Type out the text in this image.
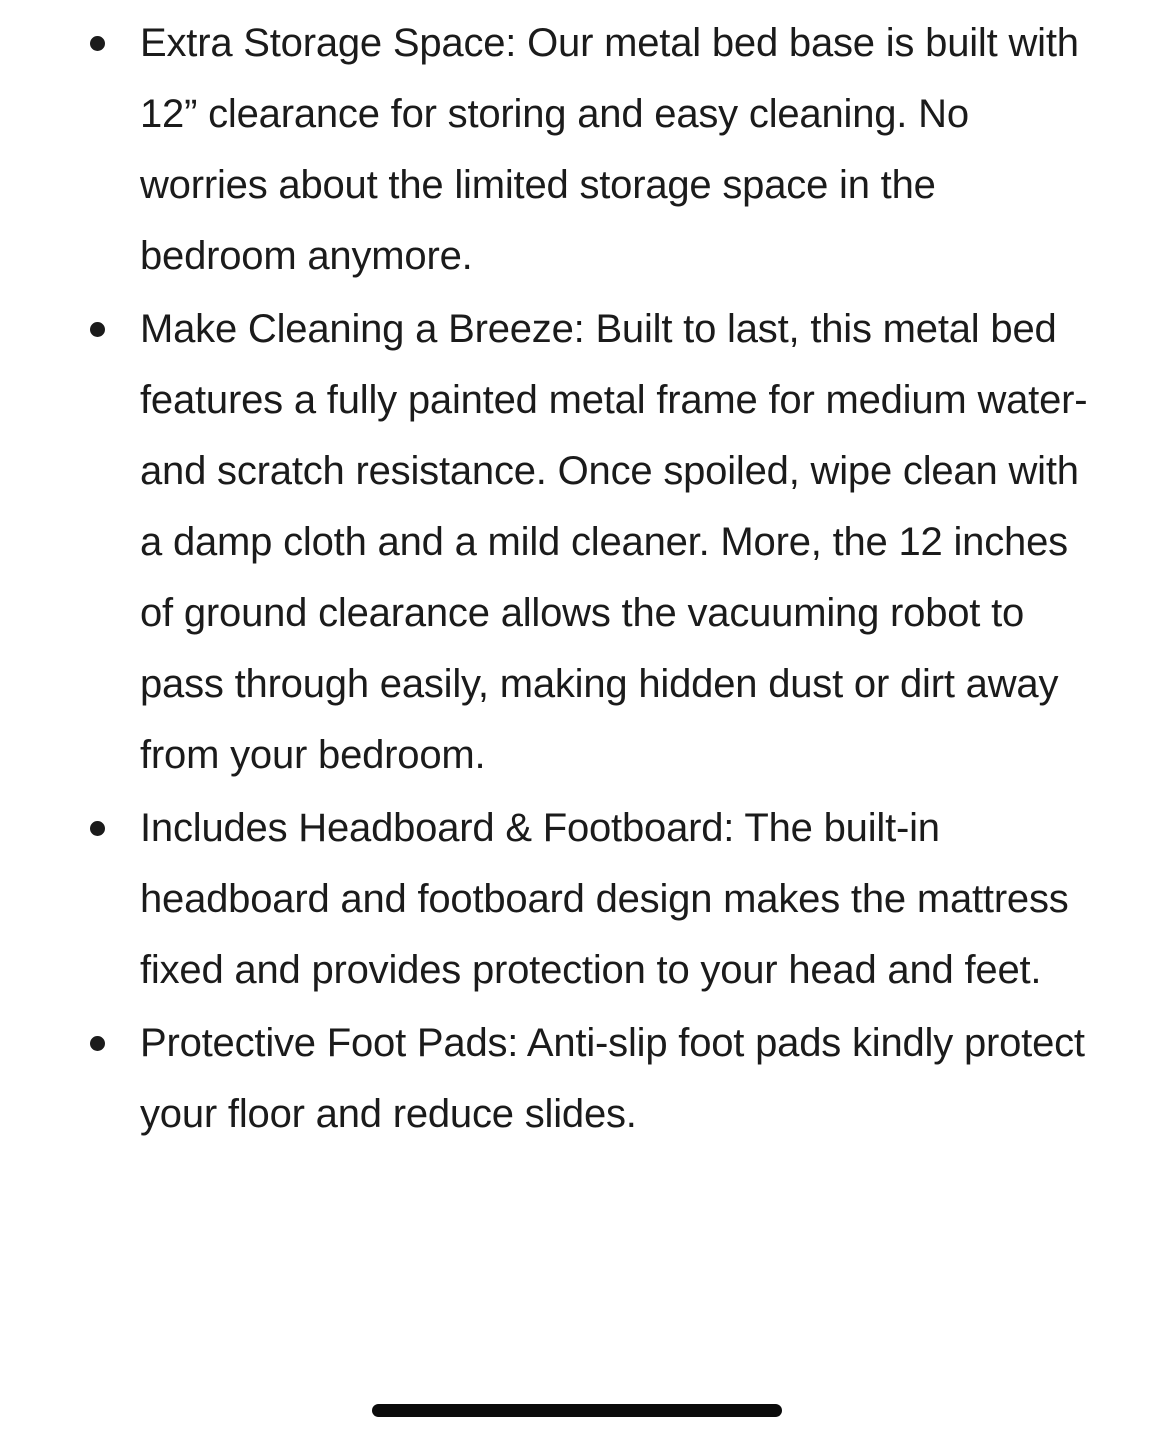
Extra Storage Space: Our metal bed base is built with 12” clearance for storing and easy cleaning. No worries about the limited storage space in the bedroom anymore.
Make Cleaning a Breeze: Built to last, this metal bed features a fully painted metal frame for medium water- and scratch resistance. Once spoiled, wipe clean with a damp cloth and a mild cleaner. More, the 12 inches of ground clearance allows the vacuuming robot to pass through easily, making hidden dust or dirt away from your bedroom.
Includes Headboard & Footboard: The built-in headboard and footboard design makes the mattress fixed and provides protection to your head and feet.
Protective Foot Pads: Anti-slip foot pads kindly protect your floor and reduce slides.
